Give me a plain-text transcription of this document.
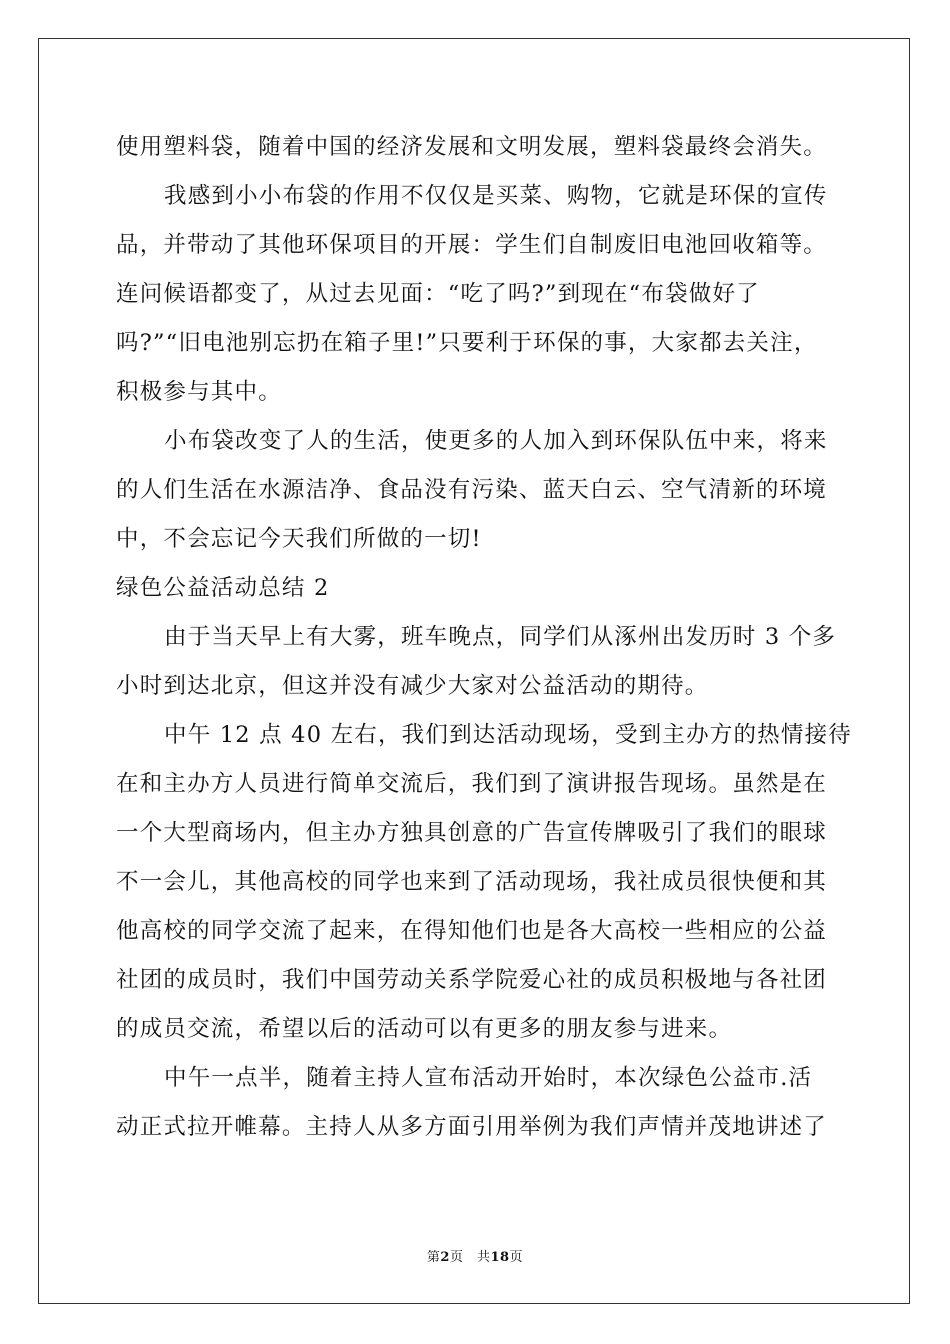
使用塑料袋，随着中国的经济发展和文明发展，塑料袋最终会消失。
我感到小小布袋的作用不仅仅是买菜、购物，它就是环保的宣传
品，并带动了其他环保项目的开展：学生们自制废旧电池回收箱等。
连问候语都变了，从过去见面：“吃了吗?”到现在“布袋做好了
吗?”“旧电池别忘扔在箱子里!”只要利于环保的事，大家都去关注，
积极参与其中。
小布袋改变了人的生活，使更多的人加入到环保队伍中来，将来
的人们生活在水源洁净、食品没有污染、蓝天白云、空气清新的环境
中，不会忘记今天我们所做的一切!
绿色公益活动总结 2
由于当天早上有大雾，班车晚点，同学们从涿州出发历时 3 个多
小时到达北京，但这并没有减少大家对公益活动的期待。
中午 12 点 40 左右，我们到达活动现场，受到主办方的热情接待
在和主办方人员进行简单交流后，我们到了演讲报告现场。虽然是在
一个大型商场内，但主办方独具创意的广告宣传牌吸引了我们的眼球
不一会儿，其他高校的同学也来到了活动现场，我社成员很快便和其
他高校的同学交流了起来，在得知他们也是各大高校一些相应的公益
社团的成员时，我们中国劳动关系学院爱心社的成员积极地与各社团
的成员交流，希望以后的活动可以有更多的朋友参与进来。
中午一点半，随着主持人宣布活动开始时，本次绿色公益市.活
动正式拉开帷幕。主持人从多方面引用举例为我们声情并茂地讲述了
第2页　共18页
